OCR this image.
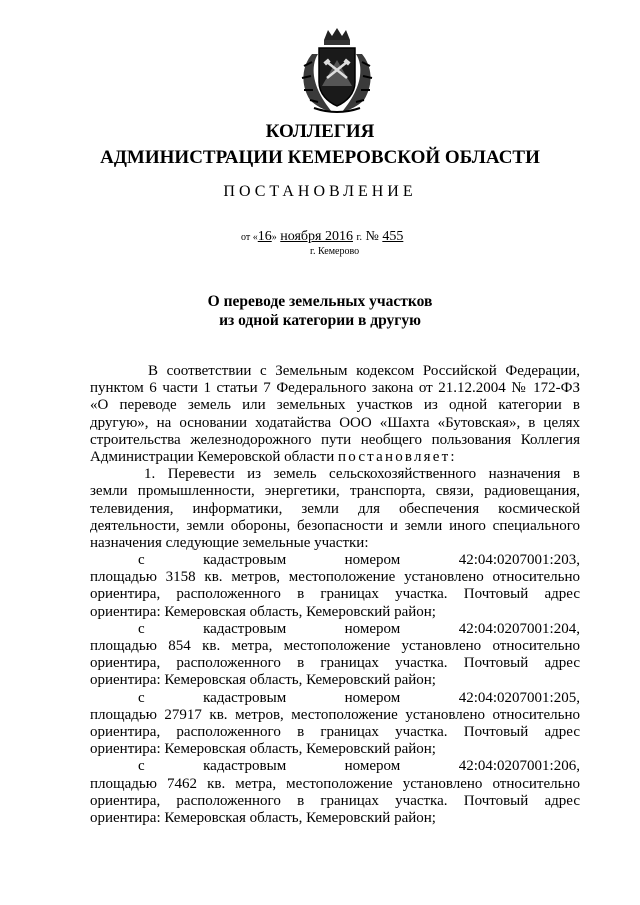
КОЛЛЕГИЯ
АДМИНИСТРАЦИИ КЕМЕРОВСКОЙ ОБЛАСТИ
ПОСТАНОВЛЕНИЕ
от «16» ноября 2016 г. № 455
г. Кемерово
О переводе земельных участков
из одной категории в другую
В соответствии с Земельным кодексом Российской Федерации,
пунктом 6 части 1 статьи 7 Федерального закона от 21.12.2004 № 172-ФЗ
«О переводе земель или земельных участков из одной категории в
другую», на основании ходатайства ООО «Шахта «Бутовская», в целях
строительства железнодорожного пути необщего пользования Коллегия
Администрации Кемеровской области постановляет:
1. Перевести из земель сельскохозяйственного назначения в
земли промышленности, энергетики, транспорта, связи, радиовещания,
телевидения, информатики, земли для обеспечения космической
деятельности, земли обороны, безопасности и земли иного специального
назначения следующие земельные участки:
с	кадастровым	номером	42:04:0207001:203,
площадью 3158 кв. метров, местоположение установлено относительно
ориентира, расположенного в границах участка. Почтовый адрес
ориентира: Кемеровская область, Кемеровский район;
с	кадастровым	номером	42:04:0207001:204,
площадью 854 кв. метра, местоположение установлено относительно
ориентира, расположенного в границах участка. Почтовый адрес
ориентира: Кемеровская область, Кемеровский район;
с	кадастровым	номером	42:04:0207001:205,
площадью 27917 кв. метров, местоположение установлено относительно
ориентира, расположенного в границах участка. Почтовый адрес
ориентира: Кемеровская область, Кемеровский район;
с	кадастровым	номером	42:04:0207001:206,
площадью 7462 кв. метра, местоположение установлено относительно
ориентира, расположенного в границах участка. Почтовый адрес
ориентира: Кемеровская область, Кемеровский район;
